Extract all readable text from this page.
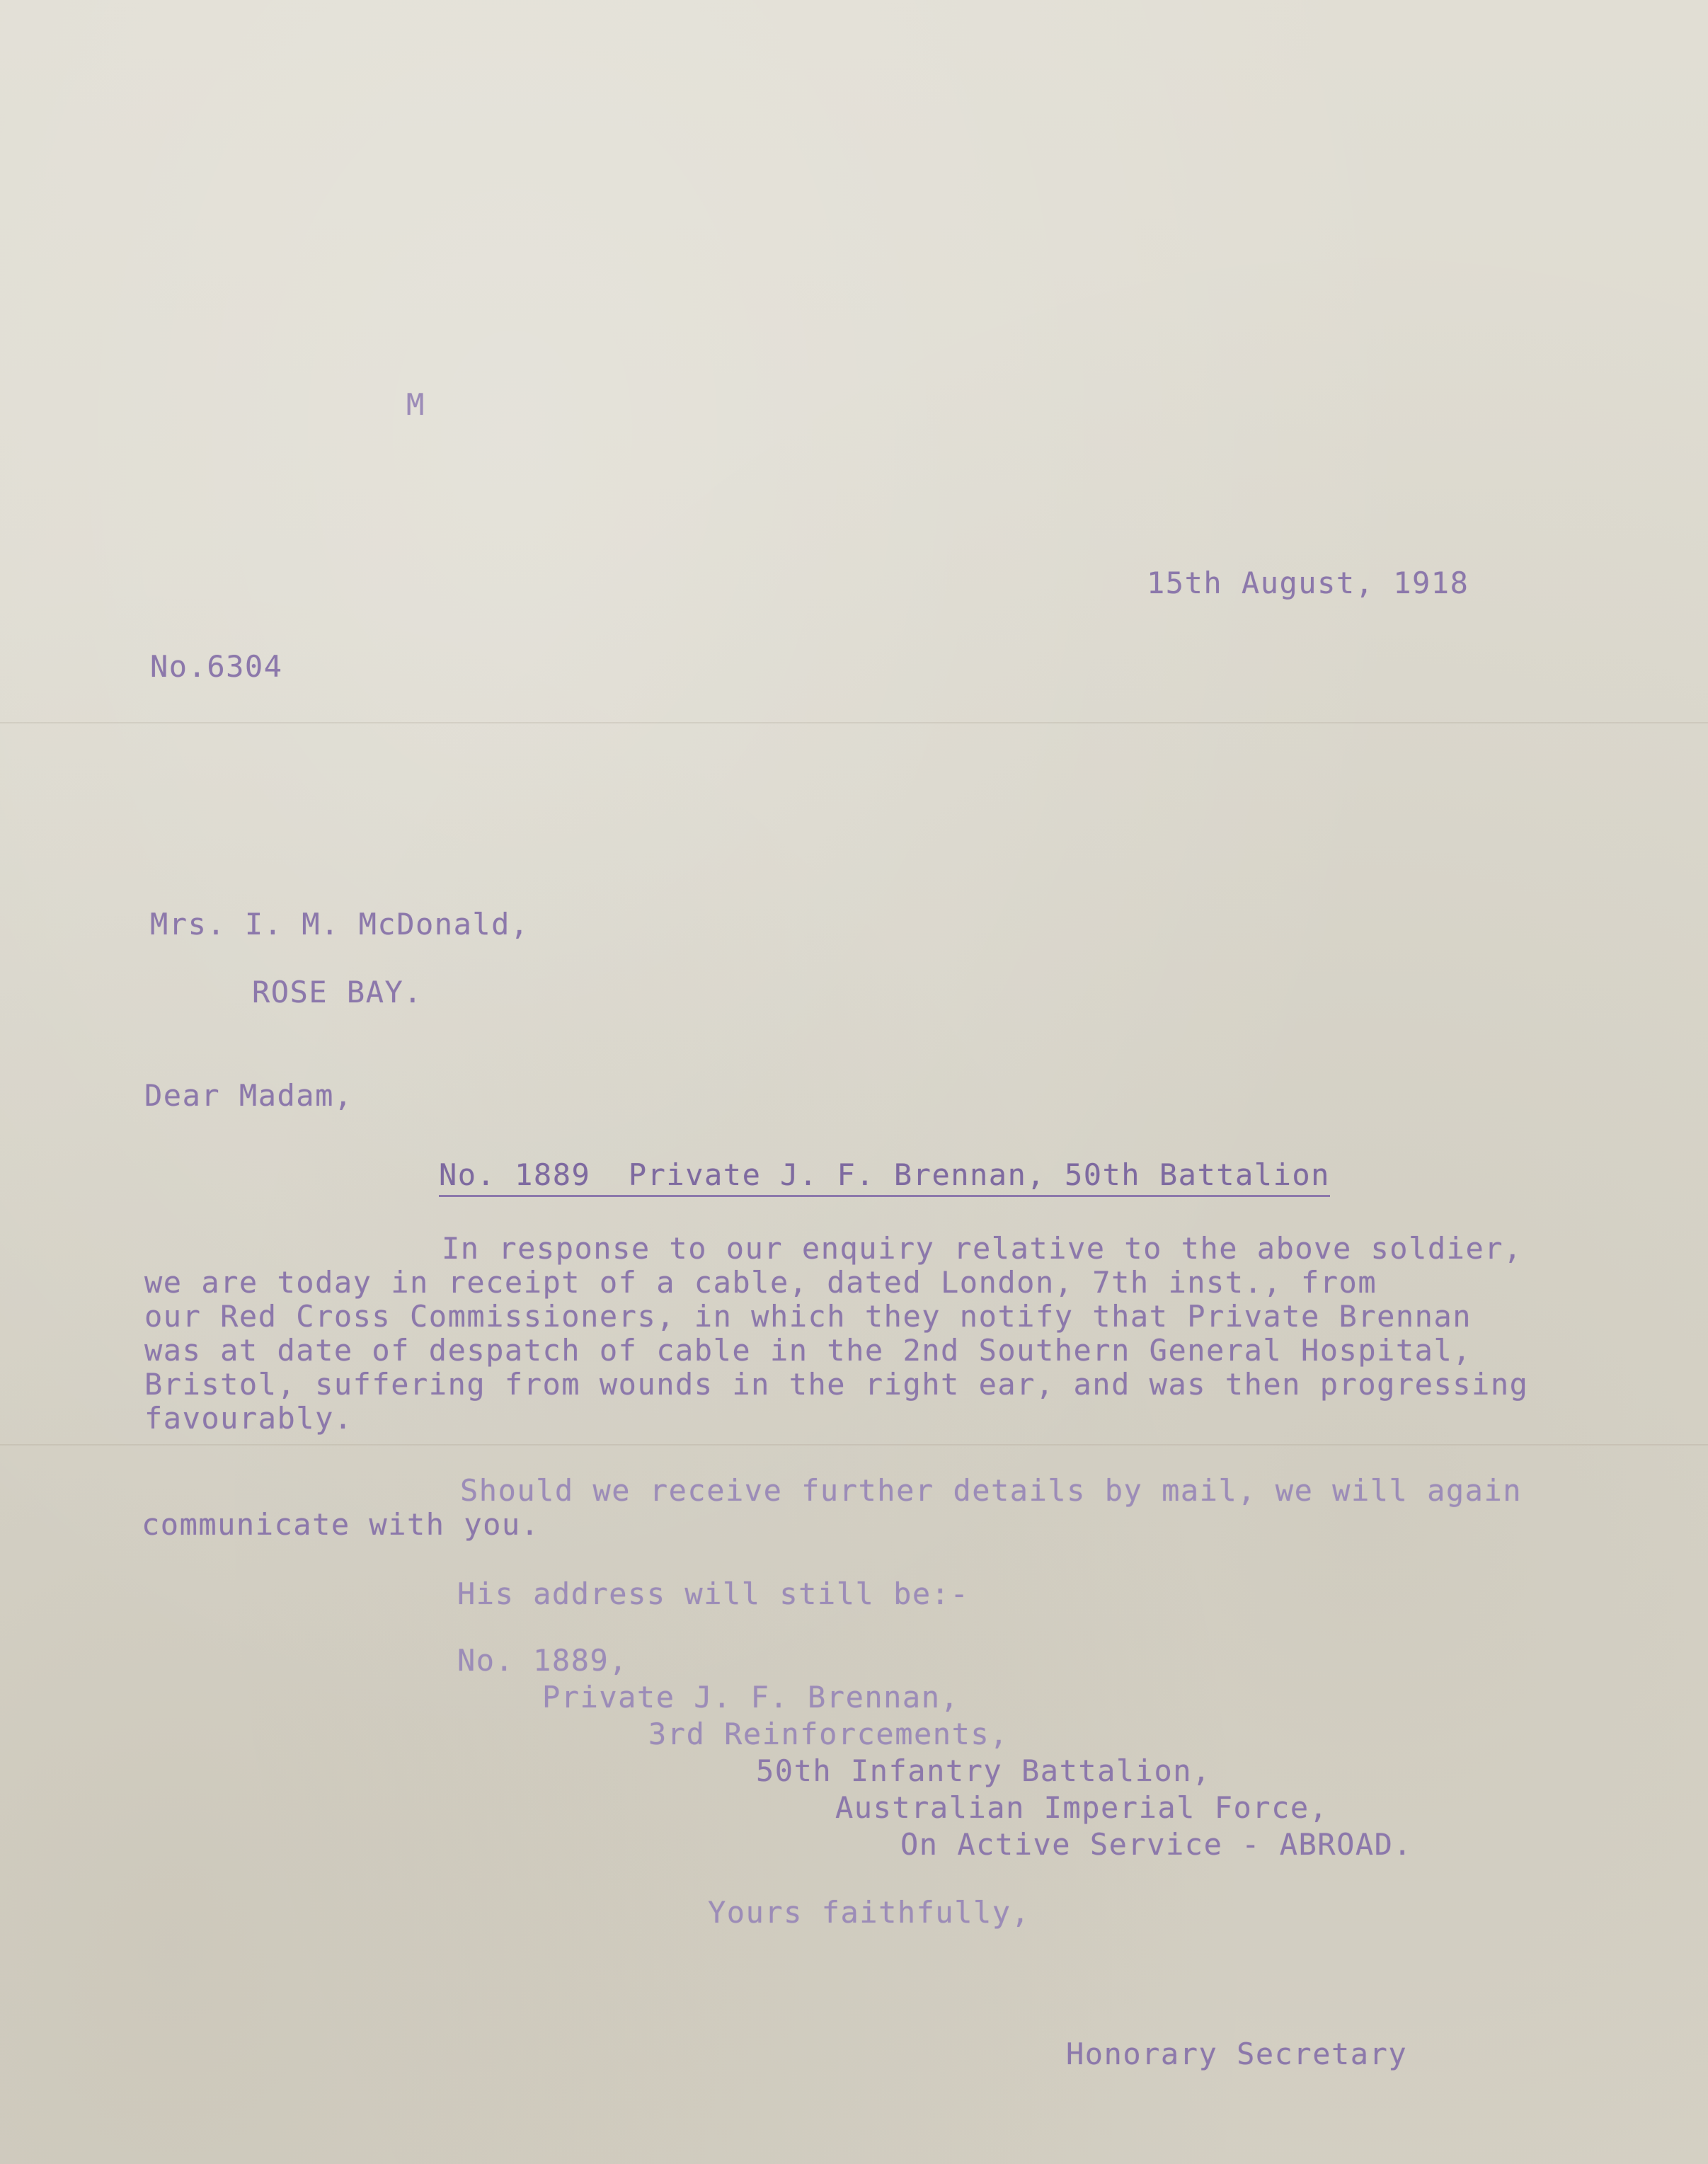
M

15th August, 1918

No.6304

Mrs. I. M. McDonald,

ROSE BAY.

Dear Madam,

No. 1889  Private J. F. Brennan, 50th Battalion

In response to our enquiry relative to the above soldier,

we are today in receipt of a cable, dated London, 7th inst., from

our Red Cross Commissioners, in which they notify that Private Brennan

was at date of despatch of cable in the 2nd Southern General Hospital,

Bristol, suffering from wounds in the right ear, and was then progressing

favourably.

Should we receive further details by mail, we will again

communicate with you.

His address will still be:-

No. 1889,

Private J. F. Brennan,

3rd Reinforcements,

50th Infantry Battalion,

Australian Imperial Force,

On Active Service - ABROAD.

Yours faithfully,

Honorary Secretary
